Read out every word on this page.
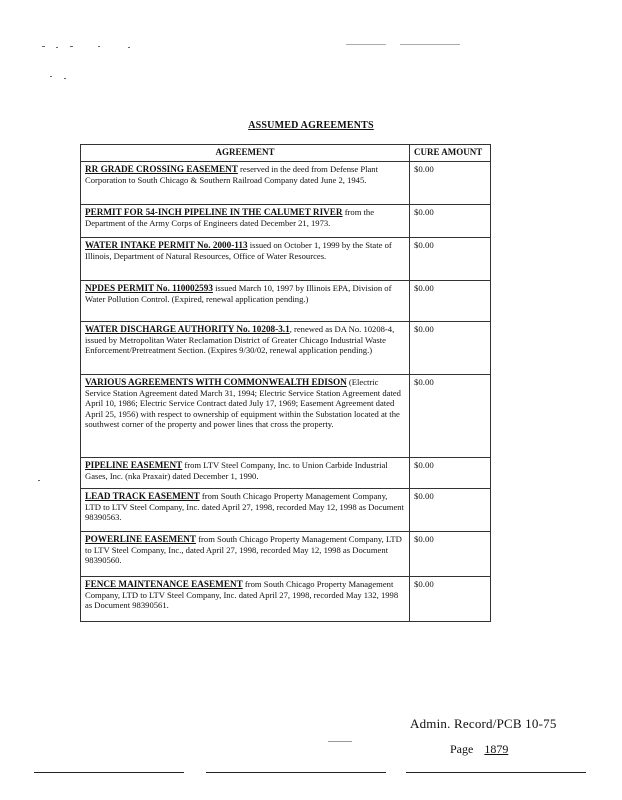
ASSUMED AGREEMENTS
AGREEMENT	CURE AMOUNT
RR GRADE CROSSING EASEMENT reserved in the deed from Defense Plant Corporation to South Chicago & Southern Railroad Company dated June 2, 1945.	$0.00
PERMIT FOR 54-INCH PIPELINE IN THE CALUMET RIVER from the Department of the Army Corps of Engineers dated December 21, 1973.	$0.00
WATER INTAKE PERMIT No. 2000-113 issued on October 1, 1999 by the State of Illinois, Department of Natural Resources, Office of Water Resources.	$0.00
NPDES PERMIT No. 110002593 issued March 10, 1997 by Illinois EPA, Division of Water Pollution Control. (Expired, renewal application pending.)	$0.00
WATER DISCHARGE AUTHORITY No. 10208-3.1, renewed as DA No. 10208-4, issued by Metropolitan Water Reclamation District of Greater Chicago Industrial Waste Enforcement/Pretreatment Section. (Expires 9/30/02, renewal application pending.)	$0.00
VARIOUS AGREEMENTS WITH COMMONWEALTH EDISON (Electric Service Station Agreement dated March 31, 1994; Electric Service Station Agreement dated April 10, 1986; Electric Service Contract dated July 17, 1969; Easement Agreement dated April 25, 1956) with respect to ownership of equipment within the Substation located at the southwest corner of the property and power lines that cross the property.	$0.00
PIPELINE EASEMENT from LTV Steel Company, Inc. to Union Carbide Industrial Gases, Inc. (nka Praxair) dated December 1, 1990.	$0.00
LEAD TRACK EASEMENT from South Chicago Property Management Company, LTD to LTV Steel Company, Inc. dated April 27, 1998, recorded May 12, 1998 as Document 98390563.	$0.00
POWERLINE EASEMENT from South Chicago Property Management Company, LTD to LTV Steel Company, Inc., dated April 27, 1998, recorded May 12, 1998 as Document 98390560.	$0.00
FENCE MAINTENANCE EASEMENT from South Chicago Property Management Company, LTD to LTV Steel Company, Inc. dated April 27, 1998, recorded May 132, 1998 as Document 98390561.	$0.00
Admin. Record/PCB 10-75
Page 1879
